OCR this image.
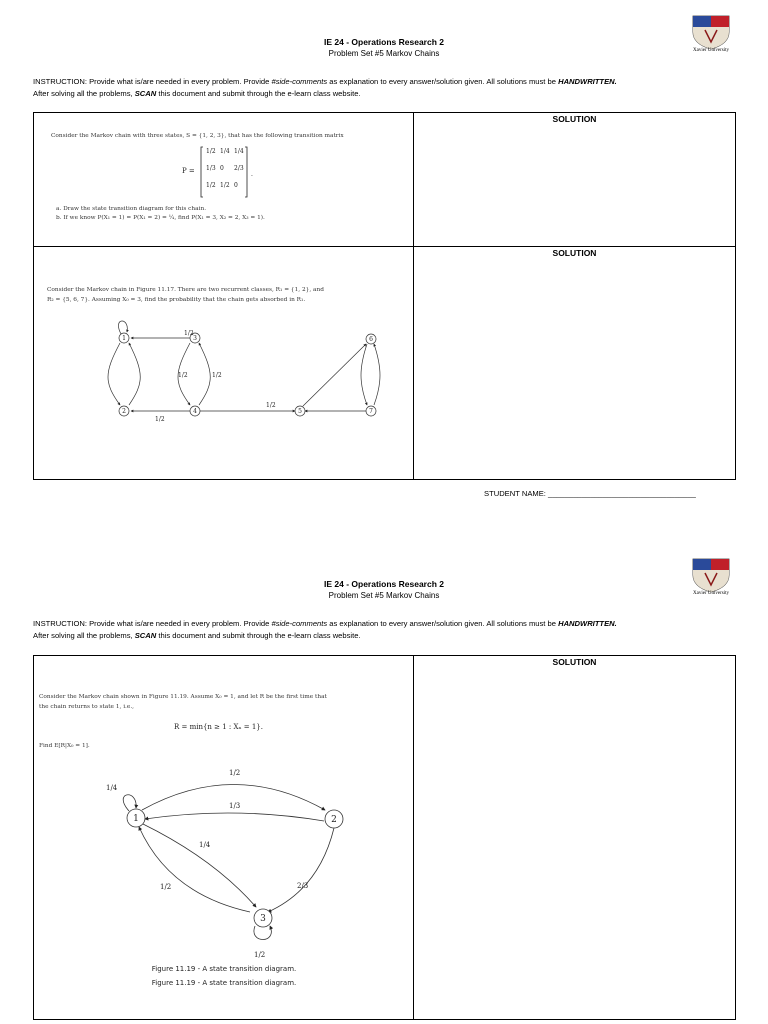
IE 24 - Operations Research 2
Problem Set #5 Markov Chains	Xavier University
INSTRUCTION: Provide what is/are needed in every problem. Provide #side-comments as explanation to every answer/solution given. All solutions must be HANDWRITTEN.
After solving all the problems, SCAN this document and submit through the e-learn class website.
SOLUTION
SOLUTION
Consider the Markov chain with three states, S = {1, 2, 3}, that has the following transition matrix
P =	.
1/2 1/4 1/4
1/3 0 2/3
1/2 1/2 0
a. Draw the state transition diagram for this chain.
b. If we know P(X₁ = 1) = P(X₁ = 2) = ¼, find P(X₁ = 3, X₂ = 2, X₃ = 1).
Consider the Markov chain in Figure 11.17. There are two recurrent classes, R₁ = {1, 2}, and
R₂ = {5, 6, 7}. Assuming X₀ = 3, find the probability that the chain gets absorbed in R₁.
1
2
3
4	5
6
7
1/2
1/2	1/2
1/2
1/2
STUDENT NAME: ___________________________________
IE 24 - Operations Research 2
Problem Set #5 Markov Chains	Xavier University
INSTRUCTION: Provide what is/are needed in every problem. Provide #side-comments as explanation to every answer/solution given. All solutions must be HANDWRITTEN.
After solving all the problems, SCAN this document and submit through the e-learn class website.
SOLUTION
Consider the Markov chain shown in Figure 11.19. Assume X₀ = 1, and let R be the first time that
the chain returns to state 1, i.e.,
R = min{n ≥ 1 : Xₙ = 1}.
Find E[R|X₀ = 1].
1	2
3
1/4
1/2
1/3
1/4
1/2	2/3
1/2
Figure 11.19 - A state transition diagram.
Figure 11.19 - A state transition diagram.
